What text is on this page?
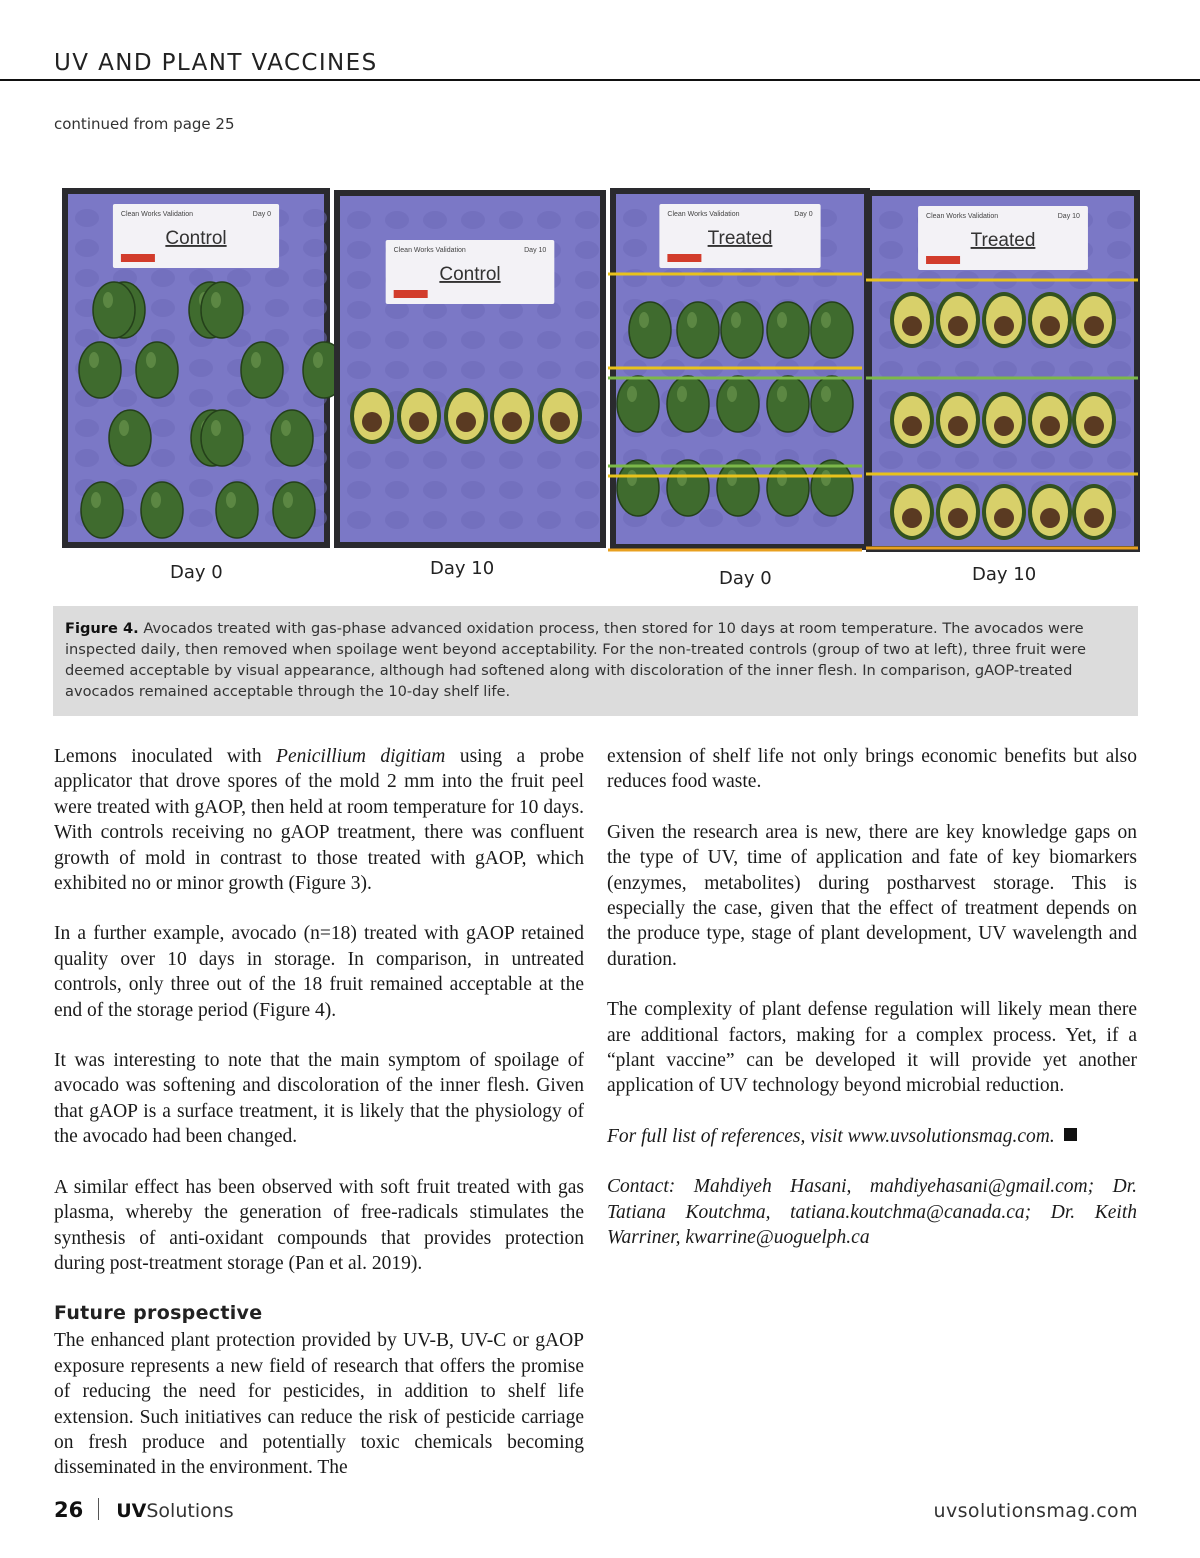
UV AND PLANT VACCINES
continued from page 25
Clean Works Validation	Day 0
Control
Clean Works Validation	Day 10
Control
Clean Works Validation	Day 0
Treated
Clean Works Validation	Day 10
Treated
Day 0	Day 10	Day 0	Day 10
Figure 4. Avocados treated with gas-phase advanced oxidation process, then stored for 10 days at room temperature. The avocados were inspected daily, then removed when spoilage went beyond acceptability. For the non-treated controls (group of two at left), three fruit were deemed acceptable by visual appearance, although had softened along with discoloration of the inner flesh. In comparison, gAOP-treated avocados remained acceptable through the 10-day shelf life.

Lemons inoculated with Penicillium digitiam using a probe applicator that drove spores of the mold 2 mm into the fruit peel were treated with gAOP, then held at room temperature for 10 days. With controls receiving no gAOP treatment, there was confluent growth of mold in contrast to those treated with gAOP, which exhibited no or minor growth (Figure 3).

In a further example, avocado (n=18) treated with gAOP retained quality over 10 days in storage. In comparison, in untreated controls, only three out of the 18 fruit remained acceptable at the end of the storage period (Figure 4).

It was interesting to note that the main symptom of spoilage of avocado was softening and discoloration of the inner flesh. Given that gAOP is a surface treatment, it is likely that the physiology of the avocado had been changed.

A similar effect has been observed with soft fruit treated with gas plasma, whereby the generation of free-radicals stimulates the synthesis of anti-oxidant compounds that provides protection during post-treatment storage (Pan et al. 2019).

Future prospective

The enhanced plant protection provided by UV-B, UV-C or gAOP exposure represents a new field of research that offers the promise of reducing the need for pesticides, in addition to shelf life extension. Such initiatives can reduce the risk of pesticide carriage on fresh produce and potentially toxic chemicals becoming disseminated in the environment. The

extension of shelf life not only brings economic benefits but also reduces food waste.

Given the research area is new, there are key knowledge gaps on the type of UV, time of application and fate of key biomarkers (enzymes, metabolites) during postharvest storage. This is especially the case, given that the effect of treatment depends on the produce type, stage of plant development, UV wavelength and duration.

The complexity of plant defense regulation will likely mean there are additional factors, making for a complex process. Yet, if a “plant vaccine” can be developed it will provide yet another application of UV technology beyond microbial reduction.

For full list of references, visit www.uvsolutionsmag.com.

Contact: Mahdiyeh Hasani, mahdiyehasani@gmail.com; Dr. Tatiana Koutchma, tatiana.koutchma@canada.ca; Dr. Keith Warriner, kwarrine@uoguelph.ca

26 UVSolutions	uvsolutionsmag.com
